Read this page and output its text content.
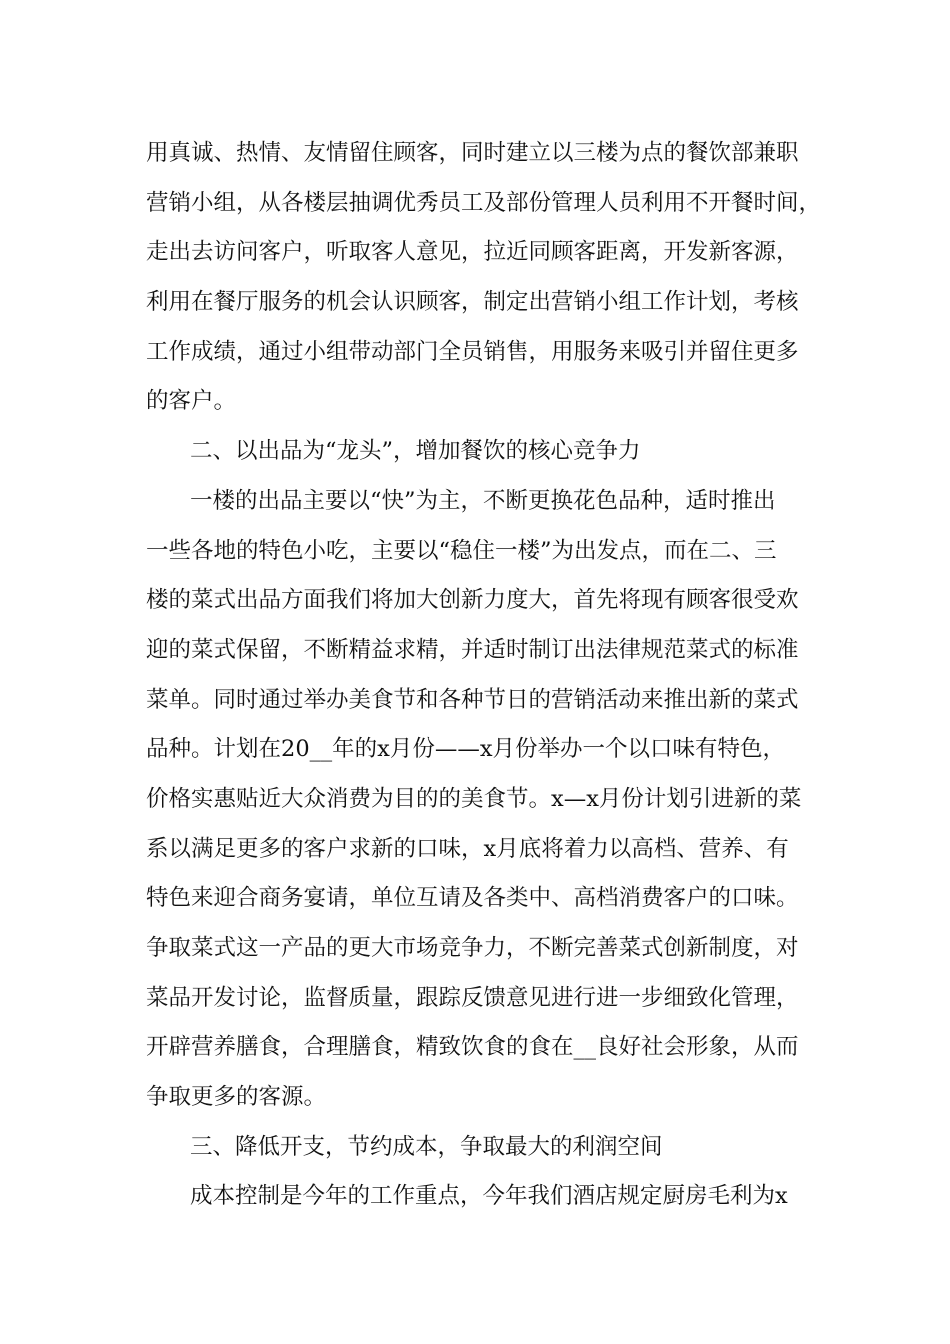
用真诚、热情、友情留住顾客，同时建立以三楼为点的餐饮部兼职
营销小组，从各楼层抽调优秀员工及部份管理人员利用不开餐时间，
走出去访问客户，听取客人意见，拉近同顾客距离，开发新客源，
利用在餐厅服务的机会认识顾客，制定出营销小组工作计划，考核
工作成绩，通过小组带动部门全员销售，用服务来吸引并留住更多
的客户。
二、以出品为“龙头”，增加餐饮的核心竞争力
一楼的出品主要以“快”为主，不断更换花色品种，适时推出
一些各地的特色小吃，主要以“稳住一楼”为出发点，而在二、三
楼的菜式出品方面我们将加大创新力度大，首先将现有顾客很受欢
迎的菜式保留，不断精益求精，并适时制订出法律规范菜式的标准
菜单。同时通过举办美食节和各种节日的营销活动来推出新的菜式
品种。计划在20__年的x月份——x月份举办一个以口味有特色，
价格实惠贴近大众消费为目的的美食节。x—x月份计划引进新的菜
系以满足更多的客户求新的口味，x月底将着力以高档、营养、有
特色来迎合商务宴请，单位互请及各类中、高档消费客户的口味。
争取菜式这一产品的更大市场竞争力，不断完善菜式创新制度，对
菜品开发讨论，监督质量，跟踪反馈意见进行进一步细致化管理，
开辟营养膳食，合理膳食，精致饮食的食在__良好社会形象，从而
争取更多的客源。
三、降低开支，节约成本，争取最大的利润空间
成本控制是今年的工作重点，今年我们酒店规定厨房毛利为x
